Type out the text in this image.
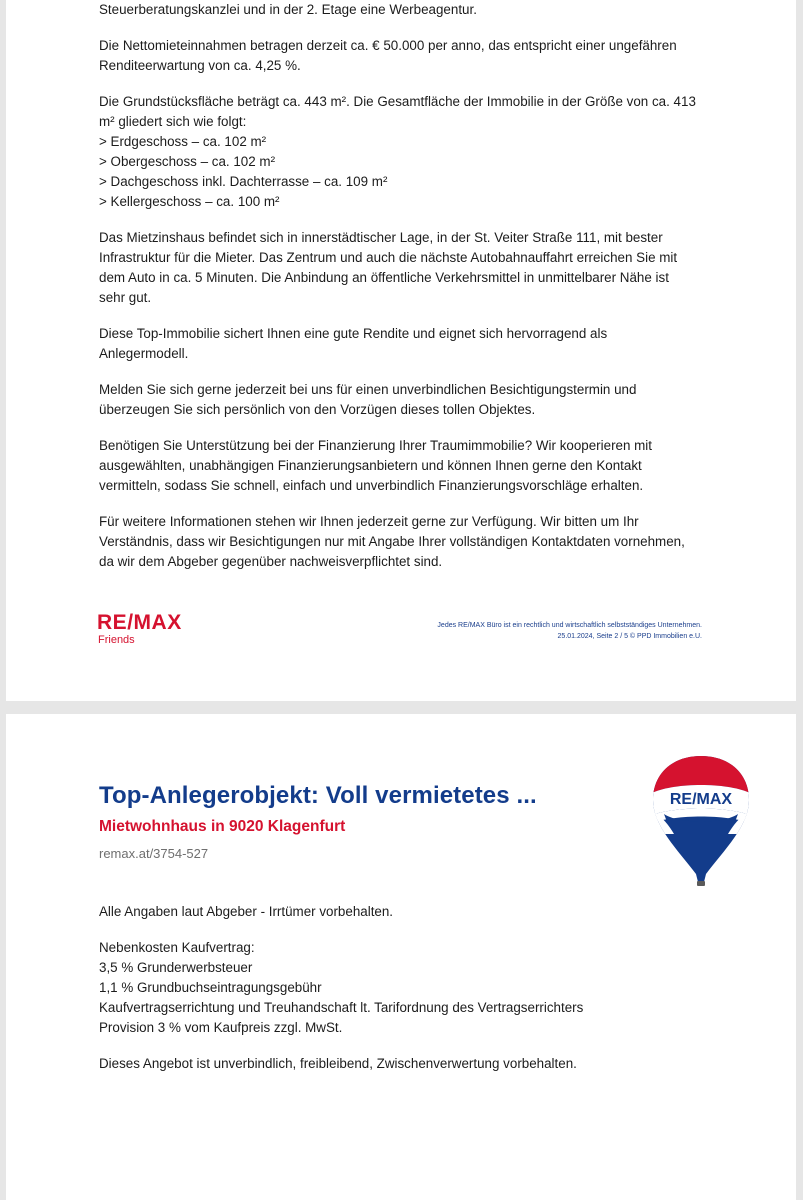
Steuerberatungskanzlei und in der 2. Etage eine Werbeagentur.
Die Nettomieteinnahmen betragen derzeit ca. € 50.000 per anno, das entspricht einer ungefähren
Renditeerwartung von ca. 4,25 %.
Die Grundstücksfläche beträgt ca. 443 m². Die Gesamtfläche der Immobilie in der Größe von ca. 413
m² gliedert sich wie folgt:
> Erdgeschoss – ca. 102 m²
> Obergeschoss – ca. 102 m²
> Dachgeschoss inkl. Dachterrasse – ca. 109 m²
> Kellergeschoss – ca. 100 m²
Das Mietzinshaus befindet sich in innerstädtischer Lage, in der St. Veiter Straße 111, mit bester
Infrastruktur für die Mieter. Das Zentrum und auch die nächste Autobahnauffahrt erreichen Sie mit
dem Auto in ca. 5 Minuten. Die Anbindung an öffentliche Verkehrsmittel in unmittelbarer Nähe ist
sehr gut.
Diese Top-Immobilie sichert Ihnen eine gute Rendite und eignet sich hervorragend als
Anlegermodell.
Melden Sie sich gerne jederzeit bei uns für einen unverbindlichen Besichtigungstermin und
überzeugen Sie sich persönlich von den Vorzügen dieses tollen Objektes.
Benötigen Sie Unterstützung bei der Finanzierung Ihrer Traumimmobilie? Wir kooperieren mit
ausgewählten, unabhängigen Finanzierungsanbietern und können Ihnen gerne den Kontakt
vermitteln, sodass Sie schnell, einfach und unverbindlich Finanzierungsvorschläge erhalten.
Für weitere Informationen stehen wir Ihnen jederzeit gerne zur Verfügung. Wir bitten um Ihr
Verständnis, dass wir Besichtigungen nur mit Angabe Ihrer vollständigen Kontaktdaten vornehmen,
da wir dem Abgeber gegenüber nachweisverpflichtet sind.
RE/MAX
Friends
Jedes RE/MAX Büro ist ein rechtlich und wirtschaftlich selbstständiges Unternehmen.
25.01.2024, Seite 2 / 5 © PPD Immobilien e.U.
Top-Anlegerobjekt: Voll vermietetes ...
Mietwohnhaus in 9020 Klagenfurt
remax.at/3754-527
RE/MAX
Alle Angaben laut Abgeber - Irrtümer vorbehalten.
Nebenkosten Kaufvertrag:
3,5 % Grunderwerbsteuer
1,1 % Grundbuchseintragungsgebühr
Kaufvertragserrichtung und Treuhandschaft lt. Tarifordnung des Vertragserrichters
Provision 3 % vom Kaufpreis zzgl. MwSt.
Dieses Angebot ist unverbindlich, freibleibend, Zwischenverwertung vorbehalten.
